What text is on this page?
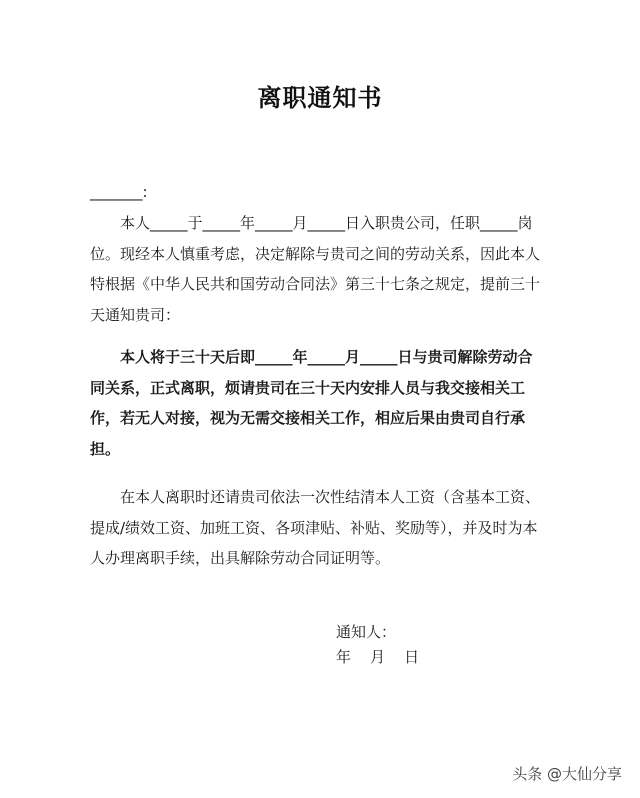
离职通知书
_______:
本人_____于_____年_____月_____日入职贵公司，任职_____岗
位。现经本人慎重考虑，决定解除与贵司之间的劳动关系，因此本人
特根据《中华人民共和国劳动合同法》第三十七条之规定，提前三十
天通知贵司：
本人将于三十天后即_____年_____月_____日与贵司解除劳动合
同关系，正式离职，烦请贵司在三十天内安排人员与我交接相关工
作，若无人对接，视为无需交接相关工作，相应后果由贵司自行承
担。
在本人离职时还请贵司依法一次性结清本人工资（含基本工资、
提成/绩效工资、加班工资、各项津贴、补贴、奖励等），并及时为本
人办理离职手续，出具解除劳动合同证明等。
通知人：
年    月    日
头条 @大仙分享
